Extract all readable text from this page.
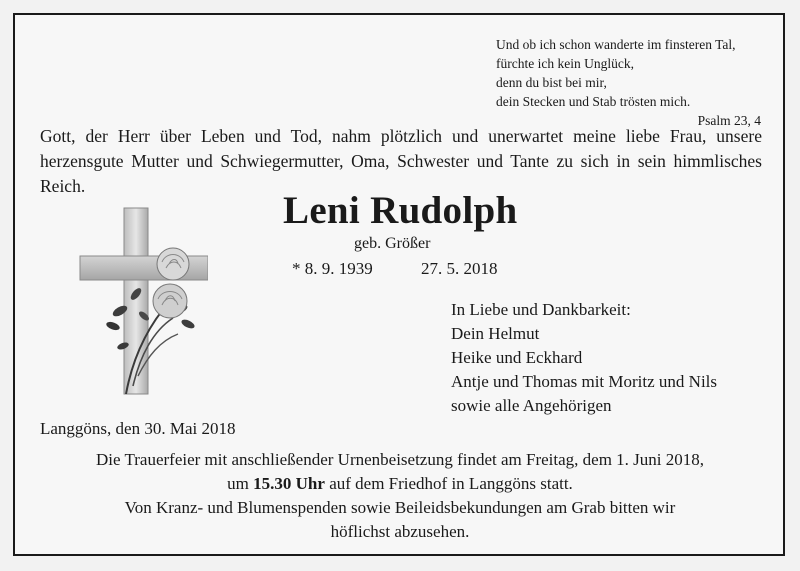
Und ob ich schon wanderte im finsteren Tal,
fürchte ich kein Unglück,
denn du bist bei mir,
dein Stecken und Stab trösten mich.
Psalm 23, 4
Gott, der Herr über Leben und Tod, nahm plötzlich und unerwartet meine liebe Frau, unsere herzensgute Mutter und Schwiegermutter, Oma, Schwester und Tante zu sich in sein himmlisches Reich.
Leni Rudolph
geb. Größer
* 8. 9. 1939	27. 5. 2018
In Liebe und Dankbarkeit:
Dein Helmut
Heike und Eckhard
Antje und Thomas mit Moritz und Nils
sowie alle Angehörigen
Langgöns, den 30. Mai 2018
Die Trauerfeier mit anschließender Urnenbeisetzung findet am Freitag, dem 1. Juni 2018,
um 15.30 Uhr auf dem Friedhof in Langgöns statt.
Von Kranz- und Blumenspenden sowie Beileidsbekundungen am Grab bitten wir
höflichst abzusehen.
